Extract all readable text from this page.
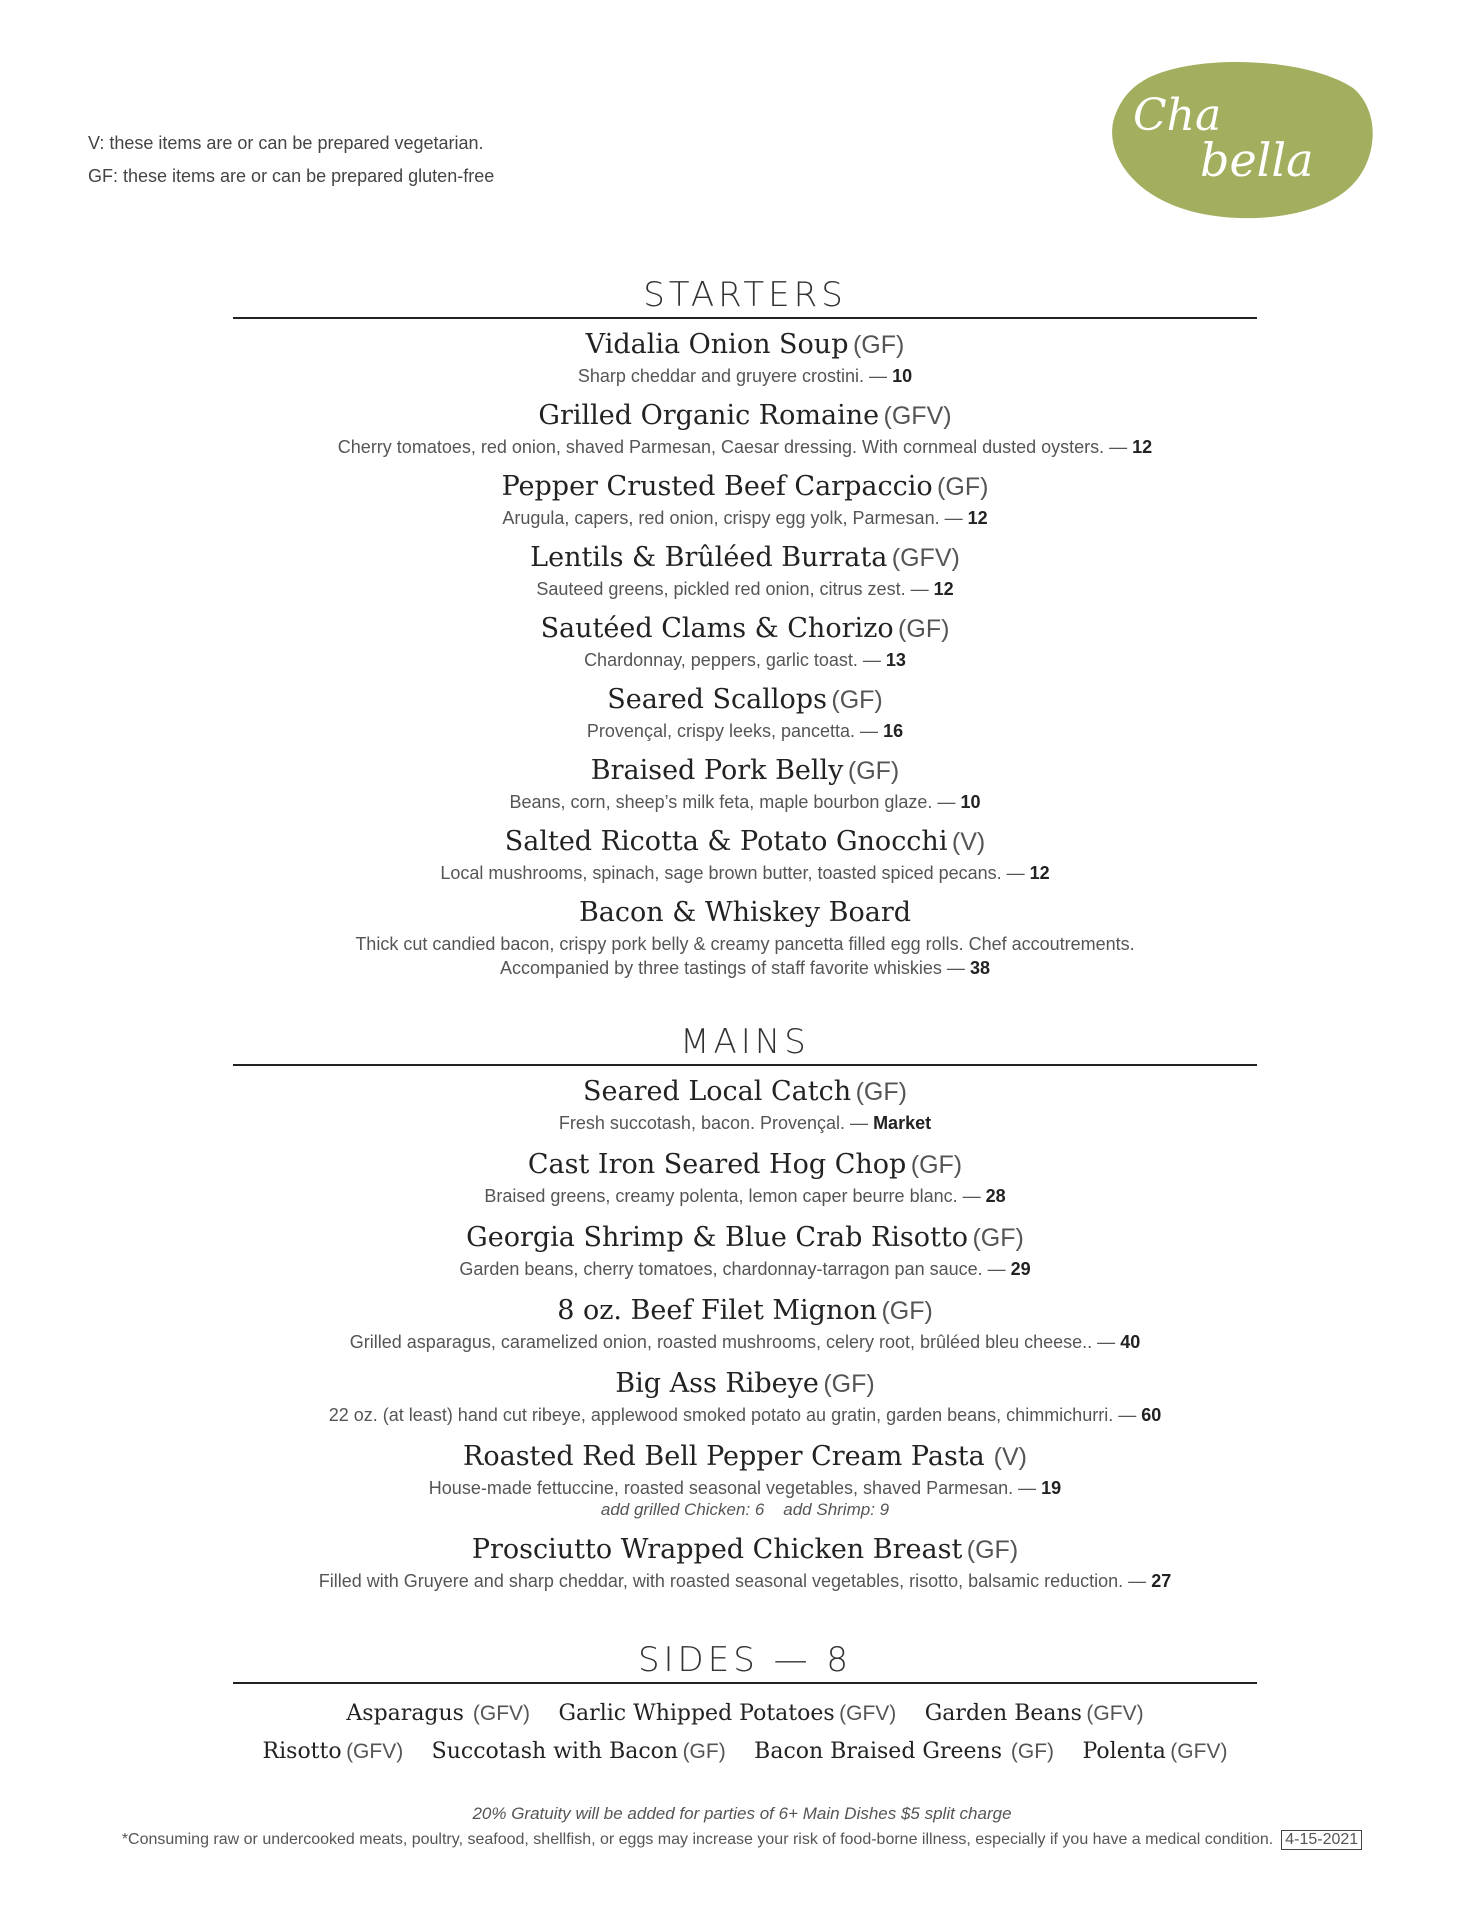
V: these items are or can be prepared vegetarian.
GF: these items are or can be prepared gluten-free
Cha
bella
STARTERS
Vidalia Onion Soup (GF)
Sharp cheddar and gruyere crostini. — 10
Grilled Organic Romaine (GFV)
Cherry tomatoes, red onion, shaved Parmesan, Caesar dressing. With cornmeal dusted oysters. — 12
Pepper Crusted Beef Carpaccio (GF)
Arugula, capers, red onion, crispy egg yolk, Parmesan. — 12
Lentils & Brûléed Burrata (GFV)
Sauteed greens, pickled red onion, citrus zest. — 12
Sautéed Clams & Chorizo (GF)
Chardonnay, peppers, garlic toast. — 13
Seared Scallops (GF)
Provençal, crispy leeks, pancetta. — 16
Braised Pork Belly (GF)
Beans, corn, sheep’s milk feta, maple bourbon glaze. — 10
Salted Ricotta & Potato Gnocchi (V)
Local mushrooms, spinach, sage brown butter, toasted spiced pecans. — 12
Bacon & Whiskey Board
Thick cut candied bacon, crispy pork belly & creamy pancetta filled egg rolls. Chef accoutrements.
Accompanied by three tastings of staff favorite whiskies — 38
MAINS
Seared Local Catch (GF)
Fresh succotash, bacon. Provençal. — Market
Cast Iron Seared Hog Chop (GF)
Braised greens, creamy polenta, lemon caper beurre blanc. — 28
Georgia Shrimp & Blue Crab Risotto (GF)
Garden beans, cherry tomatoes, chardonnay-tarragon pan sauce. — 29
8 oz. Beef Filet Mignon (GF)
Grilled asparagus, caramelized onion, roasted mushrooms, celery root, brûléed bleu cheese.. — 40
Big Ass Ribeye (GF)
22 oz. (at least) hand cut ribeye, applewood smoked potato au gratin, garden beans, chimmichurri. — 60
Roasted Red Bell Pepper Cream Pasta (V)
House-made fettuccine, roasted seasonal vegetables, shaved Parmesan. — 19
add grilled Chicken: 6 add Shrimp: 9
Prosciutto Wrapped Chicken Breast (GF)
Filled with Gruyere and sharp cheddar, with roasted seasonal vegetables, risotto, balsamic reduction. — 27
SIDES — 8
Asparagus (GFV) Garlic Whipped Potatoes (GFV) Garden Beans (GFV)
Risotto (GFV) Succotash with Bacon (GF) Bacon Braised Greens (GF) Polenta (GFV)
20% Gratuity will be added for parties of 6+ Main Dishes $5 split charge
*Consuming raw or undercooked meats, poultry, seafood, shellfish, or eggs may increase your risk of food-borne illness, especially if you have a medical condition. 4-15-2021
